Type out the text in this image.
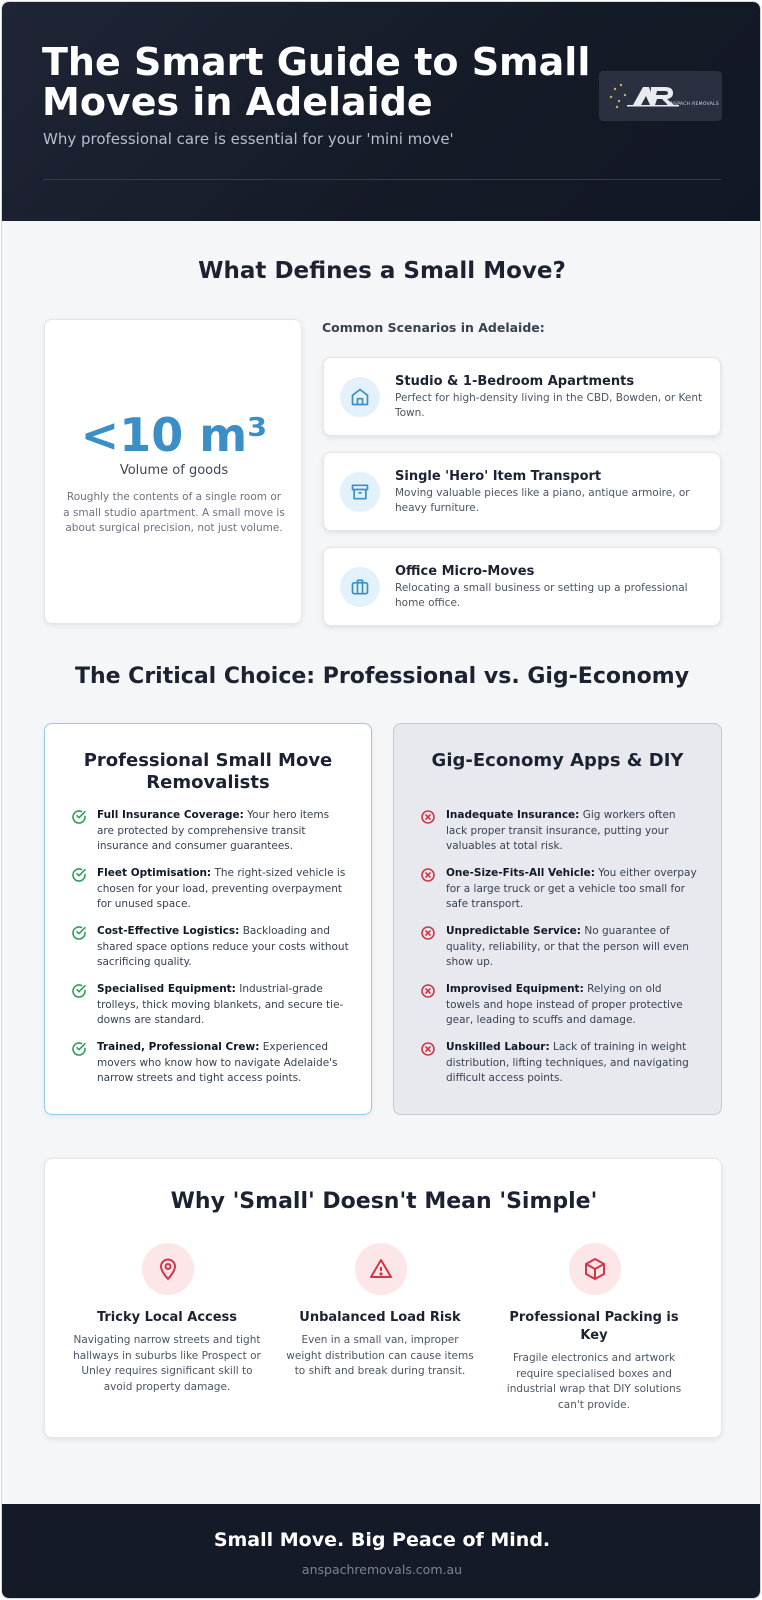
The Smart Guide to Small Moves in Adelaide
Why professional care is essential for your 'mini move'
ANSPACH REMOVALS
What Defines a Small Move?
<10 m³
Volume of goods
Roughly the contents of a single room or a small studio apartment. A small move is about surgical precision, not just volume.
Common Scenarios in Adelaide:
Studio & 1-Bedroom Apartments
Perfect for high-density living in the CBD, Bowden, or Kent Town.
Single 'Hero' Item Transport
Moving valuable pieces like a piano, antique armoire, or heavy furniture.
Office Micro-Moves
Relocating a small business or setting up a professional home office.
The Critical Choice: Professional vs. Gig-Economy
Professional Small Move Removalists
Full Insurance Coverage: Your hero items are protected by comprehensive transit insurance and consumer guarantees.
Fleet Optimisation: The right-sized vehicle is chosen for your load, preventing overpayment for unused space.
Cost-Effective Logistics: Backloading and shared space options reduce your costs without sacrificing quality.
Specialised Equipment: Industrial-grade trolleys, thick moving blankets, and secure tie-downs are standard.
Trained, Professional Crew: Experienced movers who know how to navigate Adelaide's narrow streets and tight access points.
Gig-Economy Apps & DIY
Inadequate Insurance: Gig workers often lack proper transit insurance, putting your valuables at total risk.
One-Size-Fits-All Vehicle: You either overpay for a large truck or get a vehicle too small for safe transport.
Unpredictable Service: No guarantee of quality, reliability, or that the person will even show up.
Improvised Equipment: Relying on old towels and hope instead of proper protective gear, leading to scuffs and damage.
Unskilled Labour: Lack of training in weight distribution, lifting techniques, and navigating difficult access points.
Why 'Small' Doesn't Mean 'Simple'
Tricky Local Access
Navigating narrow streets and tight hallways in suburbs like Prospect or Unley requires significant skill to avoid property damage.
Unbalanced Load Risk
Even in a small van, improper weight distribution can cause items to shift and break during transit.
Professional Packing is Key
Fragile electronics and artwork require specialised boxes and industrial wrap that DIY solutions can't provide.
Small Move. Big Peace of Mind.
anspachremovals.com.au
